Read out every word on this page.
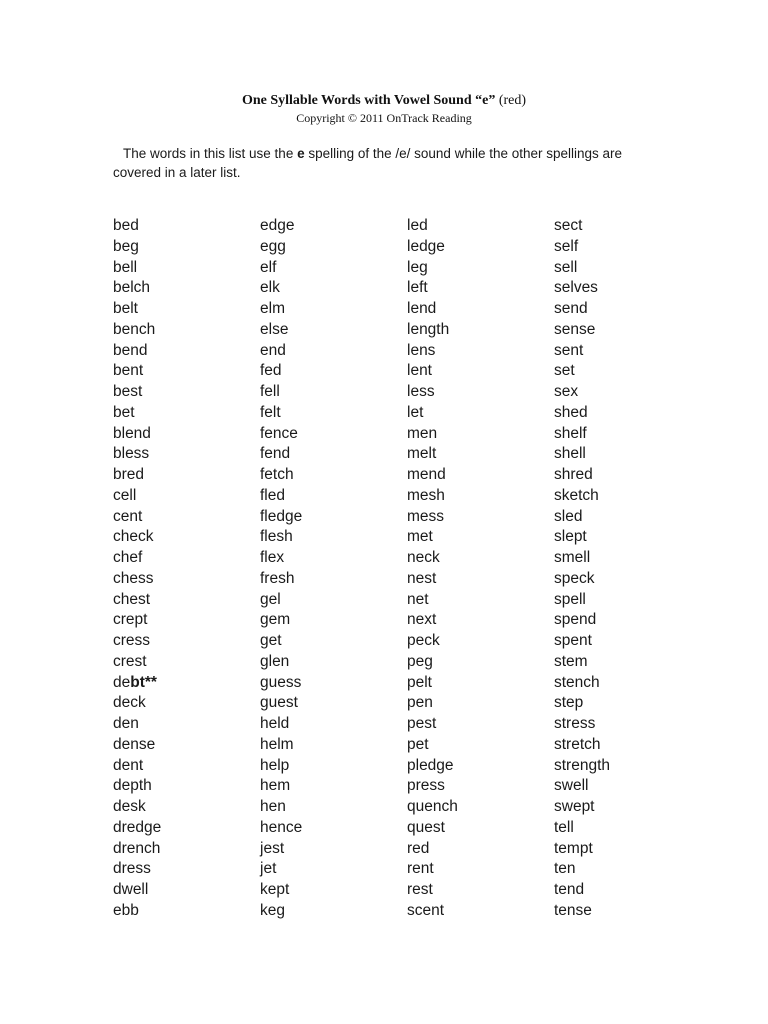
One Syllable Words with Vowel Sound “e” (red)
Copyright © 2011 OnTrack Reading
The words in this list use the e spelling of the /e/ sound while the other spellings are covered in a later list.
bed
beg
bell
belch
belt
bench
bend
bent
best
bet
blend
bless
bred
cell
cent
check
chef
chess
chest
crept
cress
crest
debt**
deck
den
dense
dent
depth
desk
dredge
drench
dress
dwell
ebb
edge
egg
elf
elk
elm
else
end
fed
fell
felt
fence
fend
fetch
fled
fledge
flesh
flex
fresh
gel
gem
get
glen
guess
guest
held
helm
help
hem
hen
hence
jest
jet
kept
keg
led
ledge
leg
left
lend
length
lens
lent
less
let
men
melt
mend
mesh
mess
met
neck
nest
net
next
peck
peg
pelt
pen
pest
pet
pledge
press
quench
quest
red
rent
rest
scent
sect
self
sell
selves
send
sense
sent
set
sex
shed
shelf
shell
shred
sketch
sled
slept
smell
speck
spell
spend
spent
stem
stench
step
stress
stretch
strength
swell
swept
tell
tempt
ten
tend
tense
